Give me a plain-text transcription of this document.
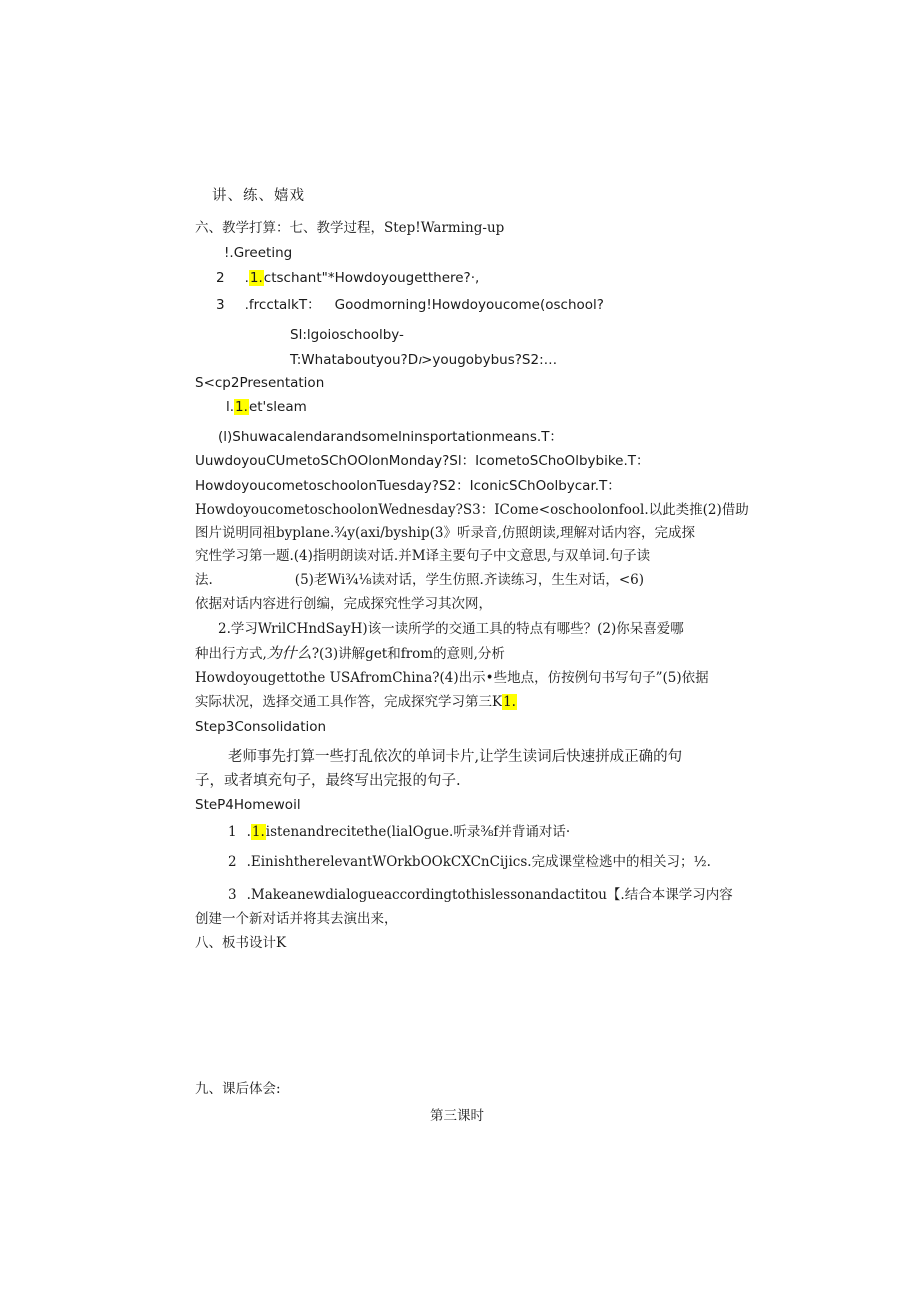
讲、练、嬉戏
六、教学打算：七、教学过程，Step!Warming-up
!.Greeting
2 .1.ctschant"*Howdoyougetthere?·,
3 .frcctalkT： Goodmorning!Howdoyoucome(oschool?
Sl:lgoioschoolby-
T:Whataboutyou?D𝚤>yougobybus?S2:…
S<cp2Presentation
l.1.et'sleam
(l)Shuwacalendarandsomelninsportationmeans.T：
UuwdoyouCUmetoSChOOlonMonday?Sl：IcometoSChoOlbybike.T：
HowdoyoucometoschoolonTuesday?S2：IconicSChOolbycar.T：
HowdoyoucometoschoolonWednesday?S3：ICome<oschoolonfool.以此类推(2)借助
图片说明同祖byplane.¾y(axi/byship(3》听录音,仿照朗读,理解对话内容，完成探
究性学习第一题.(4)指明朗读对话.并M译主要句子中文意思,与双单词.句子读
法.	(5)老Wi¾⅛读对话，学生仿照.齐读练习，生生对话，<6)
依据对话内容进行创编，完成探究性学习其次网，
2.学习WrilCHndSayH)该一读所学的交通工具的特点有哪些？(2)你呆喜爱哪
种出行方式,为什么?(3)讲解get和from的意则,分析
Howdoyougettothe USAfromChina?(4)出示•些地点，仿按例句书写句子”(5)依据
实际状况，选择交通工具作答，完成探究学习第三K1.
Step3Consolidation
老师事先打算一些打乱依次的单词卡片,让学生读词后快速拼成正确的句
子，或者填充句子，最终写出完报的句子.
SteP4Homewoil
1 .1.istenandrecitethe(lialOgue.听录⅜f并背诵对话·
2 .EinishtherelevantWOrkbOOkCXCnCijics.完成课堂检逃中的相关习；½.
3 .Makeanewdialogueaccordingtothislessonandactitou【.结合本课学习内容
创建一个新对话并将其去演出来，
八、板书设计K
九、课后体会:
第三课时
